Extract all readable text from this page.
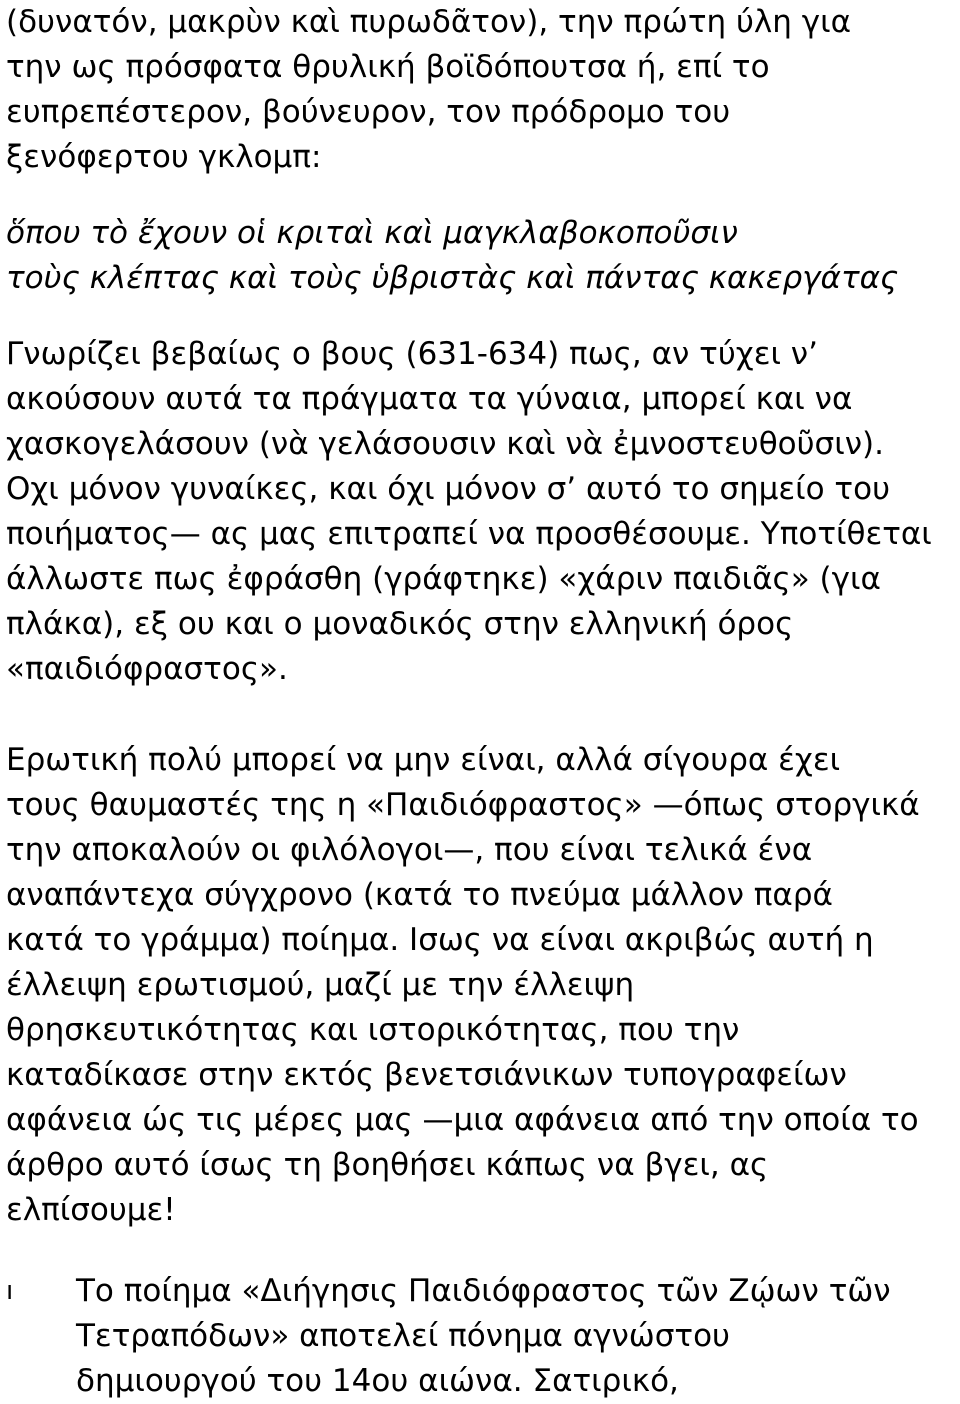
(δυνατόν, μακρὺν καὶ πυρωδᾶτον), την πρώτη ύλη για
την ως πρόσφατα θρυλική βοϊδόπουτσα ή, επί το
ευπρεπέστερον, βούνευρον, τον πρόδρομο του
ξενόφερτου γκλομπ:
ὅπου τὸ ἔχουν οἱ κριταὶ καὶ μαγκλαβοκοποῦσιν
τοὺς κλέπτας καὶ τοὺς ὑβριστὰς καὶ πάντας κακεργάτας
Γνωρίζει βεβαίως ο βους (631-634) πως, αν τύχει ν’
ακούσουν αυτά τα πράγματα τα γύναια, μπορεί και να
χασκογελάσουν (νὰ γελάσουσιν καὶ νὰ ἐμνοστευθοῦσιν).
Οχι μόνον γυναίκες, και όχι μόνον σ’ αυτό το σημείο του
ποιήματος— ας μας επιτραπεί να προσθέσουμε. Υποτίθεται
άλλωστε πως ἐφράσθη (γράφτηκε) «χάριν παιδιᾶς» (για
πλάκα), εξ ου και ο μοναδικός στην ελληνική όρος
«παιδιόφραστος».
Ερωτική πολύ μπορεί να μην είναι, αλλά σίγουρα έχει
τους θαυμαστές της η «Παιδιόφραστος» —όπως στοργικά
την αποκαλούν οι φιλόλογοι—, που είναι τελικά ένα
αναπάντεχα σύγχρονο (κατά το πνεύμα μάλλον παρά
κατά το γράμμα) ποίημα. Ισως να είναι ακριβώς αυτή η
έλλειψη ερωτισμού, μαζί με την έλλειψη
θρησκευτικότητας και ιστορικότητας, που την
καταδίκασε στην εκτός βενετσιάνικων τυπογραφείων
αφάνεια ώς τις μέρες μας —μια αφάνεια από την οποία το
άρθρο αυτό ίσως τη βοηθήσει κάπως να βγει, ας
ελπίσουμε!
ı Το ποίημα «Διήγησις Παιδιόφραστος τῶν Ζῴων τῶν
Τετραπόδων» αποτελεί πόνημα αγνώστου
δημιουργού του 14ου αιώνα. Σατιρικό,
